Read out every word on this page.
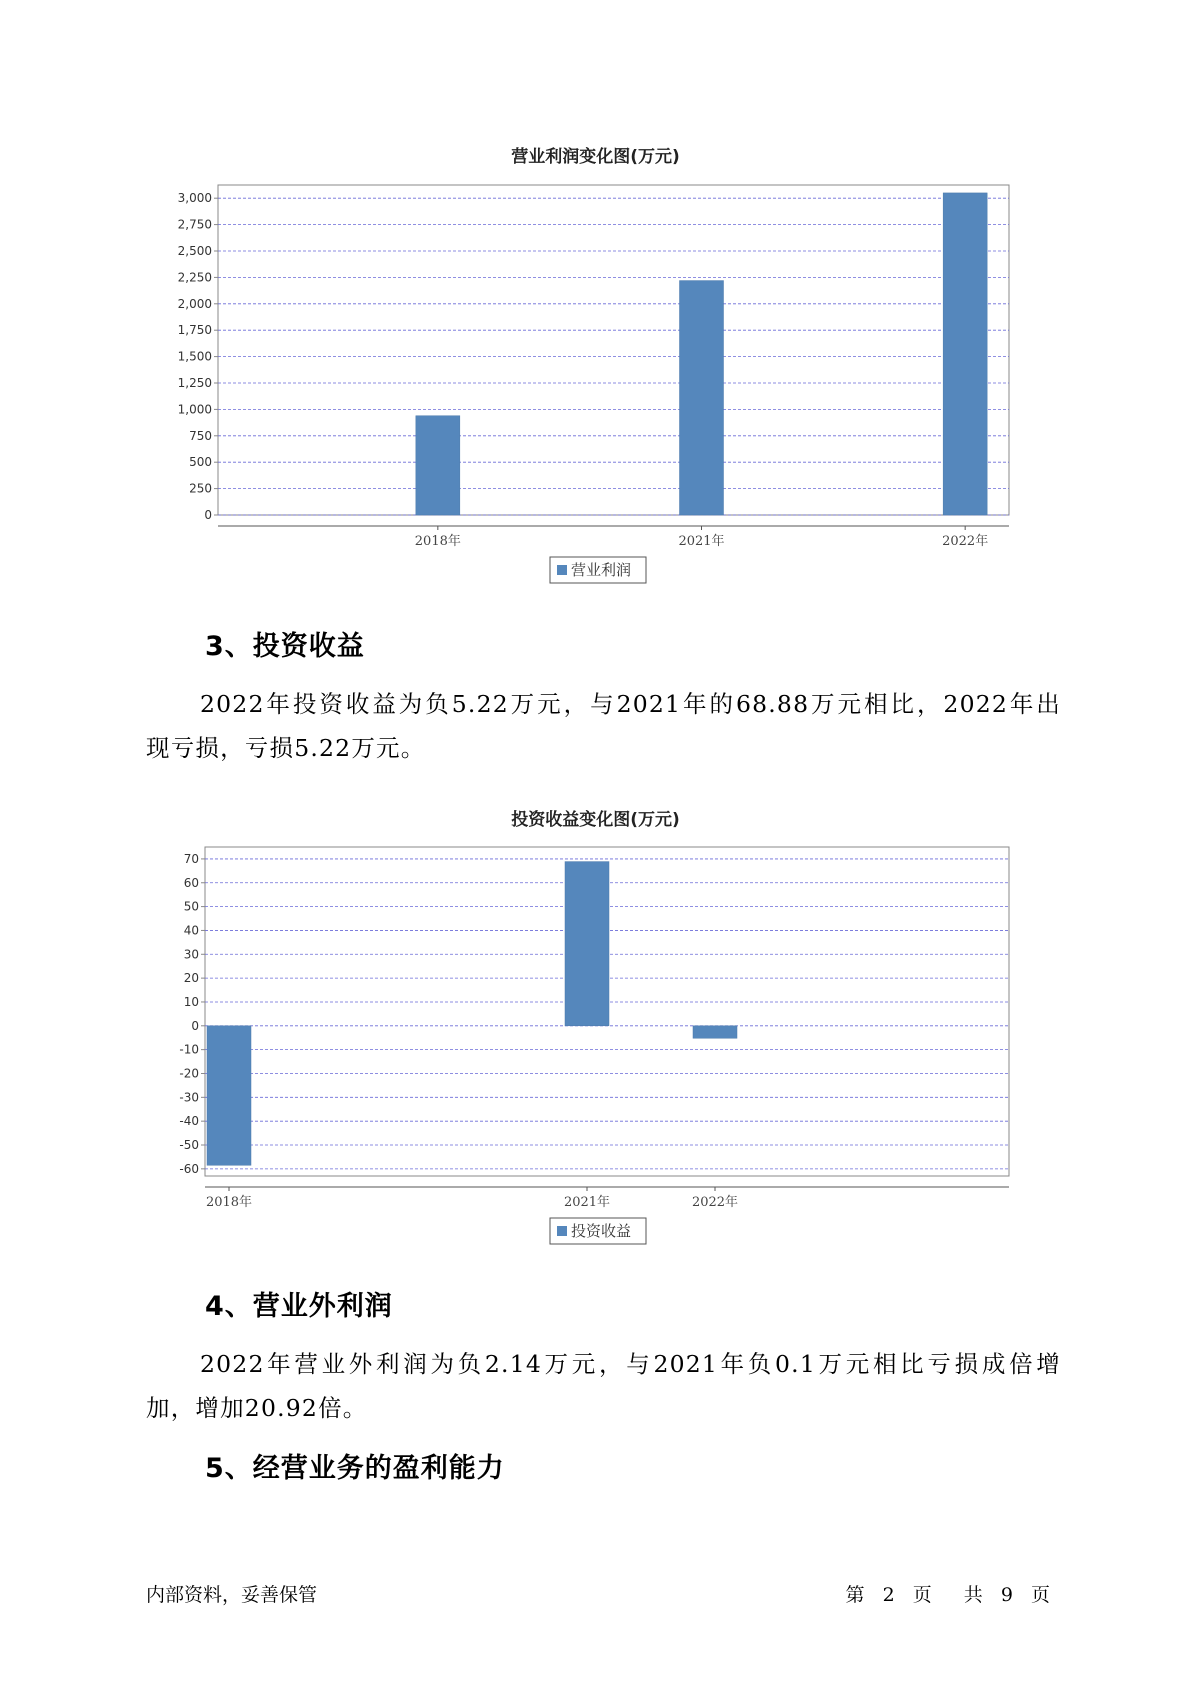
营业利润变化图(万元)
0
250
500
750
1,000
1,250
1,500
1,750
2,000
2,250
2,500
2,750
3,000
2018年	2021年	2022年
营业利润
3、投资收益
2022年投资收益为负5.22万元，与2021年的68.88万元相比，2022年出
现亏损，亏损5.22万元。
投资收益变化图(万元)
-60
-50
-40
-30
-20
-10
0
10
20
30
40
50
60
70
2018年	2021年	2022年
投资收益
4、营业外利润
2022年营业外利润为负2.14万元，与2021年负0.1万元相比亏损成倍增
加，增加20.92倍。
5、经营业务的盈利能力
内部资料，妥善保管	第 2 页 共 9 页
